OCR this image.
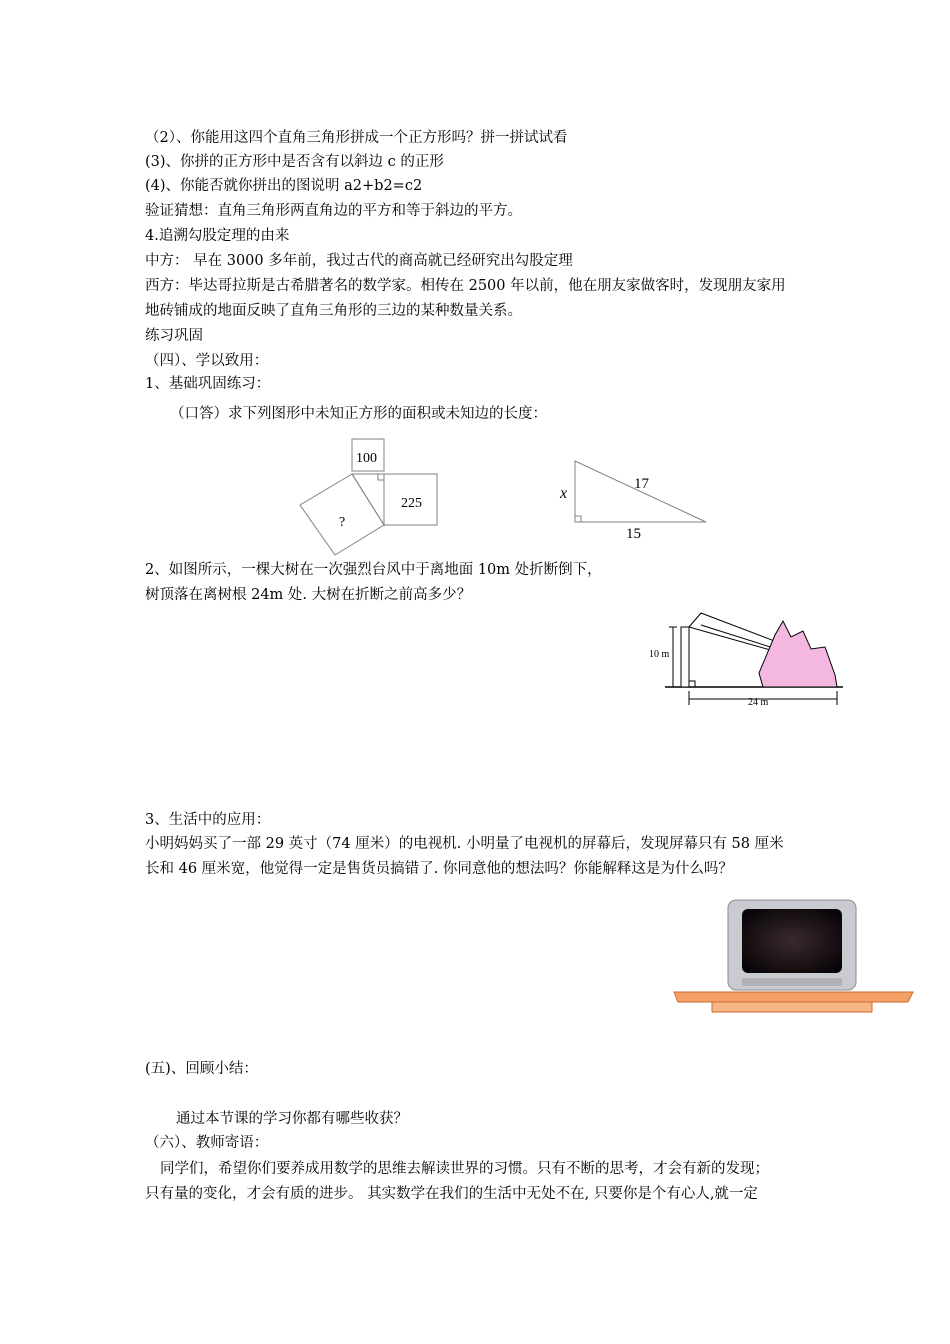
（2）、你能用这四个直角三角形拼成一个正方形吗？拼一拼试试看
(3)、你拼的正方形中是否含有以斜边 c 的正形
(4)、你能否就你拼出的图说明 a2+b2=c2
验证猜想：直角三角形两直角边的平方和等于斜边的平方。
4.追溯勾股定理的由来
中方： 早在 3000 多年前，我过古代的商高就已经研究出勾股定理
西方：毕达哥拉斯是古希腊著名的数学家。相传在 2500 年以前，他在朋友家做客时，发现朋友家用
地砖铺成的地面反映了直角三角形的三边的某种数量关系。
练习巩固
（四）、学以致用：
1、基础巩固练习：
（口答）求下列图形中未知正方形的面积或未知边的长度：
100
225
?
x
17
15
2、如图所示，一棵大树在一次强烈台风中于离地面 10m 处折断倒下，
树顶落在离树根 24m 处. 大树在折断之前高多少？
10 m
24 m
3、生活中的应用：
小明妈妈买了一部 29 英寸（74 厘米）的电视机. 小明量了电视机的屏幕后，发现屏幕只有 58 厘米
长和 46 厘米宽，他觉得一定是售货员搞错了. 你同意他的想法吗？你能解释这是为什么吗？
(五)、回顾小结：
通过本节课的学习你都有哪些收获？
（六）、教师寄语：
同学们，希望你们要养成用数学的思维去解读世界的习惯。只有不断的思考，才会有新的发现；
只有量的变化，才会有质的进步。 其实数学在我们的生活中无处不在, 只要你是个有心人,就一定
